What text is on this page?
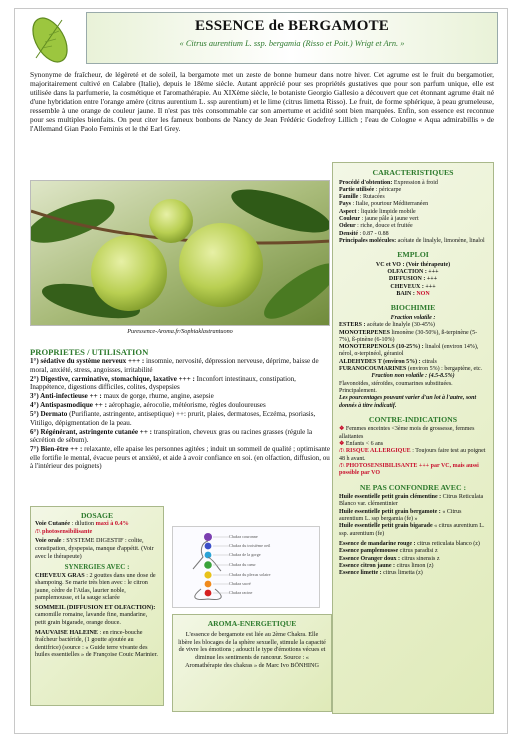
ESSENCE de BERGAMOTE
« Citrus aurentium L. ssp. bergamia (Risso et Poit.) Wrigt et Arn. »
Synonyme de fraîcheur, de légèreté et de soleil, la bergamote met un zeste de bonne humeur dans notre hiver. Cet agrume est le fruit du bergamotier, majoritairement cultivé en Calabre (Italie), depuis le 18ème siècle. Autant apprécié pour ses propriétés gustatives que pour son parfum unique, elle est utilisée dans la parfumerie, la cosmétique et l'aromathérapie. Au XIXème siècle, le botaniste Georgio Gallesio a découvert que cet étonnant agrume était né d'une hybridation entre l'orange amère (citrus aurentium L. ssp aurentium) et le lime (citrus limetta Risso). Le fruit, de forme sphérique, à peau grumeleuse, ressemble à une orange de couleur jaune. Il n'est pas très consommable car son amertume et acidité sont bien marquées. Enfin, son essence est reconnue pour ses multiples bienfaits. On peut citer les fameux bonbons de Nancy de Jean Frédéric Godefroy Lillich ; l'eau de Cologne « Aqua admirabillis » de l'Allemand Gian Paolo Feminis et le thé Earl Grey.
Puressence-Aroma.fr/Sophiaklastrantuono
PROPRIETES / UTILISATION

1°) sédative du système nerveux +++ : insomnie, nervosité, dépression nerveuse, déprime, baisse de moral, anxiété, stress, angoisses, irritabilité

2°) Digestive, carminative, stomachique, laxative +++ : Inconfort intestinaux, constipation, Inappétence, digestions difficiles, colites, dyspepsies

3°) Anti-infectieuse ++ : maux de gorge, rhume, angine, asepsie

4°) Antispasmodique ++ : aérophagie, aérocolie, météorisme, règles douloureuses

5°) Dermato (Purifiante, astringente, antiseptique) ++: prurit, plaies, dermatoses, Eczéma, psoriasis, Vitiligo, dépigmentation de la peau.

6°) Régénérant, astringente cutanée ++ : transpiration, cheveux gras ou racines grasses (régule la sécrétion de sébum).

7°) Bien-être ++ : relaxante, elle apaise les personnes agitées ; induit un sommeil de qualité ; optimisante elle fortifie le mental, évacue peurs et anxiété, et aide à avoir confiance en soi. (en olfaction, diffusion, ou à l'intérieur des poignets)

DOSAGE

Voie Cutanée : dilution maxi à 0.4%
/!\ photosensibilisante

Voie orale : SYSTEME DIGESTIF : colite, constipation, dyspepsia, manque d'appétit. (Voir avec le thérapeute)

SYNERGIES AVEC :

CHEVEUX GRAS : 2 gouttes dans une dose de shampoing. Se marie très bien avec : le citron jaune, cèdre de l'Atlas, laurier noble, pamplemousse, et la sauge sclarée

SOMMEIL (DIFFUSION ET OLFACTION): camomille romaine, lavande fine, mandarine, petit grain bigarade, orange douce.

MAUVAISE HALEINE : en rince-bouche fraîcheur bactéride, (1 goutte ajoutée au dentifrice) (source : « Guide terre vivante des huiles essentielles » de Françoise Couic Marinier.

Chakra couronne
Chakra du troisième oeil
Chakra de la gorge
Chakra du cœur
Chakra du plexus solaire
Chakra sacré
Chakra racine
AROMA-ENERGETIQUE
L'essence de bergamote est liée au 2ème Chakra. Elle libère les blocages de la sphère sexuelle, stimule la capacité de vivre les émotions ; adoucit le type d'émotions vécues et diminue les sentiments de rancœur. Source : « Aromathérapie des chakras » de Marc Ivo BÖNHING
CARACTERISTIQUES
Procédé d'obtention: Expression à froid
Partie utilisée : péricarpe
Famille : Rutacées
Pays : Italie, pourtour Méditerranéen
Aspect : liquide limpide mobile
Couleur : jaune pâle à jaune vert
Odeur : riche, douce et fruitée
Densité : 0.87 - 0.88
Principales molécules: acétate de linalyle, limonène, linalol
EMPLOI
VC et VO : (Voir thérapeute)
OLFACTION : +++
DIFFUSION : +++
CHEVEUX : +++
BAIN : NON
BIOCHIMIE
Fraction volatile :
ESTERS : acétate de linalyle (30-45%)
MONOTERPENES limonène (30-50%), ß-terpinène (5-7%), ß-pinène (6-10%)
MONOTERPENOLS (10-25%) : linalol (environ 14%), nérol, α-terpinéol, géraniol
ALDEHYDES T (environ 5%) : citrals
FURANOCOUMARINES (environ 5%) : bergaptène, etc.
Fraction non volatile : (4.5-8.5%)
Flavonoïdes, stéroïdes, coumarines substituées. Principalement.
Les pourcentages pouvant varier d'un lot à l'autre, sont donnés à titre indicatif.
CONTRE-INDICATIONS
❖ Femmes enceintes <3ème mois de grossesse, femmes allaitantes
❖ Enfants < 6 ans
/!\ RISQUE ALLERGIQUE : Toujours faire test au poignet 48 h avant.
/!\ PHOTOSENSIBILISANTE +++ par VC, mais aussi possible par VO
NE PAS CONFONDRE AVEC :
Huile essentielle petit grain clémentine : Citrus Reticulata Blanco var. clémentinier
Huile essentielle petit grain bergamote : « Citrus aurentium L. ssp bergamia (fe) »
Huile essentielle petit grain bigarade « citrus aurentium L. ssp. aurentium (fe)
Essence de mandarine rouge : citrus reticulata blanco (z)
Essence pamplemousse citrus paradisi z
Essence Oranger doux : citrus sinensis z
Essence citron jaune : citrus limon (z)
Essence limette : citrus limetta (z)
